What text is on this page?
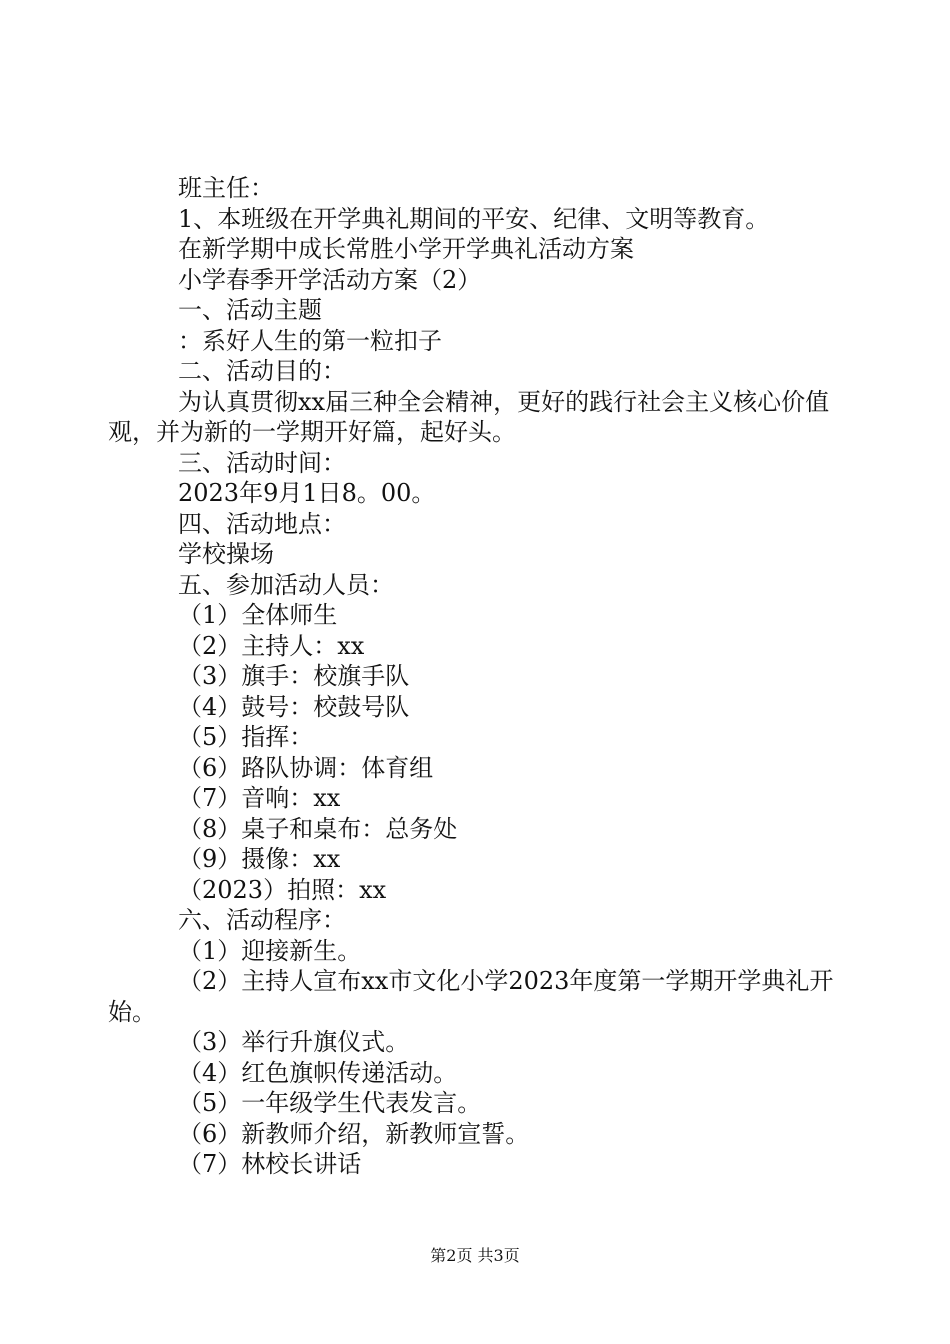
班主任：

1、本班级在开学典礼期间的平安、纪律、文明等教育。

在新学期中成长常胜小学开学典礼活动方案

小学春季开学活动方案（2）

一、活动主题

：系好人生的第一粒扣子

二、活动目的：

为认真贯彻xx届三种全会精神，更好的践行社会主义核心价值观，并为新的一学期开好篇，起好头。

三、活动时间：

2023年9月1日8。00。

四、活动地点：

学校操场

五、参加活动人员：

（1）全体师生

（2）主持人：xx

（3）旗手：校旗手队

（4）鼓号：校鼓号队

（5）指挥：

（6）路队协调：体育组

（7）音响：xx

（8）桌子和桌布：总务处

（9）摄像：xx

（2023）拍照：xx

六、活动程序：

（1）迎接新生。

（2）主持人宣布xx市文化小学2023年度第一学期开学典礼开始。

（3）举行升旗仪式。

（4）红色旗帜传递活动。

（5）一年级学生代表发言。

（6）新教师介绍，新教师宣誓。

（7）林校长讲话

第2页 共3页
